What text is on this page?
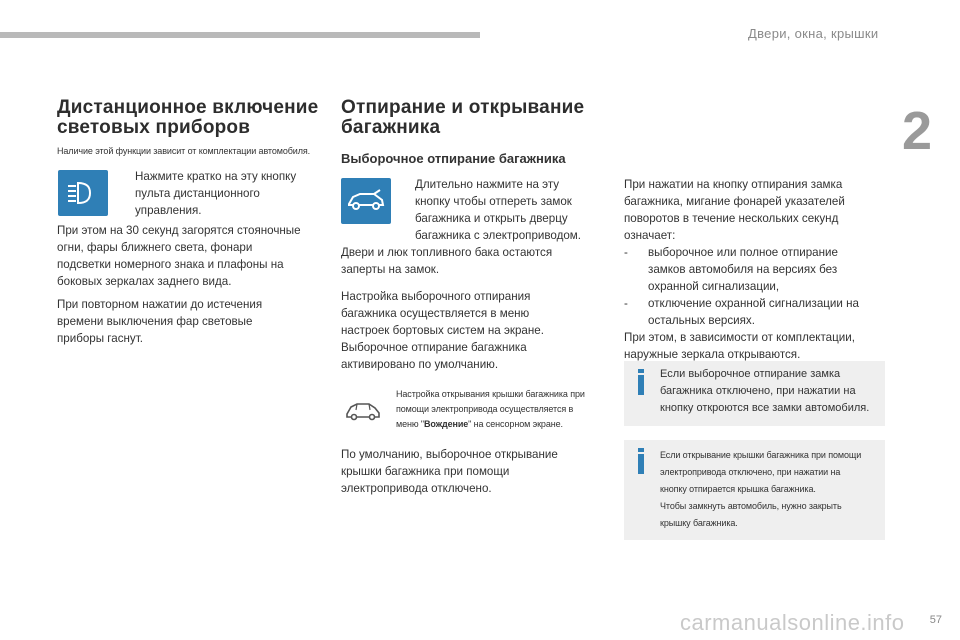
Двери, окна, крышки
2
Дистанционное включение
световых приборов
Наличие этой функции зависит от комплектации автомобиля.
Нажмите кратко на эту кнопку
пульта дистанционного
управления.
При этом на 30 секунд загорятся стояночные
огни, фары ближнего света, фонари
подсветки номерного знака и плафоны на
боковых зеркалах заднего вида.
При повторном нажатии до истечения
времени выключения фар световые
приборы гаснут.
Отпирание и открывание
багажника
Выборочное отпирание багажника
Длительно нажмите на эту
кнопку чтобы отпереть замок
багажника и открыть дверцу
багажника с электроприводом.
Двери и люк топливного бака остаются
заперты на замок.
Настройка выборочного отпирания
багажника осуществляется в меню
настроек бортовых систем на экране.
Выборочное отпирание багажника
активировано по умолчанию.
Настройка открывания крышки багажника при
помощи электропривода осуществляется в
меню "Вождение" на сенсорном экране.
По умолчанию, выборочное открывание
крышки багажника при помощи
электропривода отключено.
При нажатии на кнопку отпирания замка
багажника, мигание фонарей указателей
поворотов в течение нескольких секунд
означает:
-	выборочное или полное отпирание
замков автомобиля на версиях без
охранной сигнализации,
-	отключение охранной сигнализации на
остальных версиях.
При этом, в зависимости от комплектации,
наружные зеркала открываются.
Если выборочное отпирание замка
багажника отключено, при нажатии на
кнопку откроются все замки автомобиля.
Если открывание крышки багажника при помощи
электропривода отключено, при нажатии на
кнопку отпирается крышка багажника.
Чтобы замкнуть автомобиль, нужно закрыть
крышку багажника.
57
carmanualsonline.info
